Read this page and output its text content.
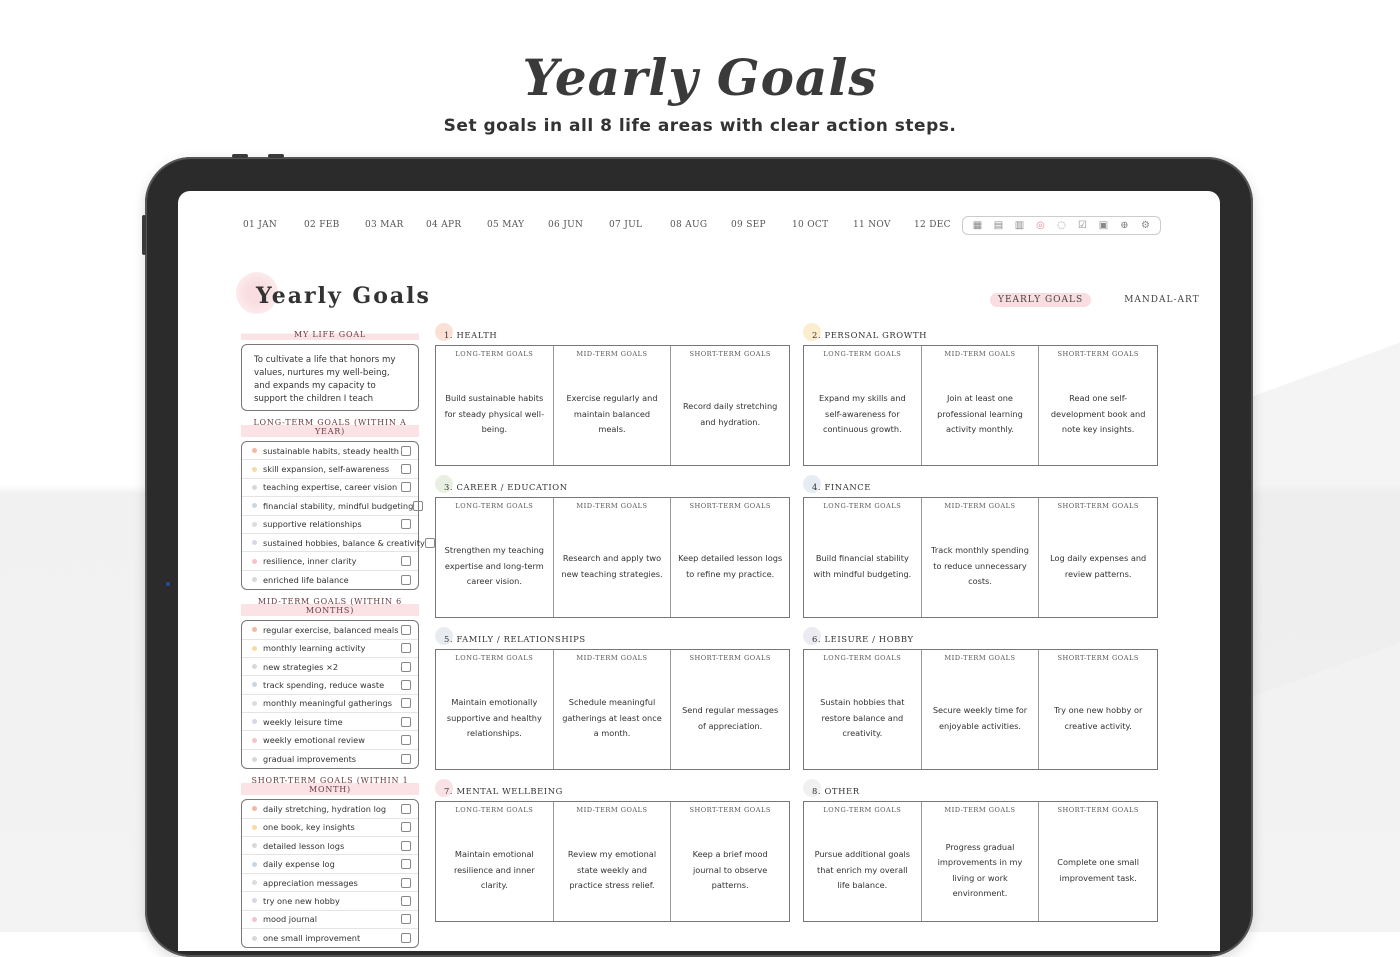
Yearly Goals
Set goals in all 8 life areas with clear action steps.
01 JAN	02 FEB	03 MAR	04 APR	05 MAY	06 JUN	07 JUL	08 AUG	09 SEP	10 OCT	11 NOV	12 DEC	▦ ▤ ▥ ◎ ◌ ☑ ▣ ⊕ ⚙
Yearly Goals	YEARLY GOALS	MANDAL-ART
MY LIFE GOAL
To cultivate a life that honors my values, nurtures my well-being, and expands my capacity to support the children I teach
LONG-TERM GOALS (WITHIN A YEAR)
sustainable habits, steady health
skill expansion, self-awareness
teaching expertise, career vision
financial stability, mindful budgeting
supportive relationships
sustained hobbies, balance & creativity
resilience, inner clarity
enriched life balance
MID-TERM GOALS (WITHIN 6 MONTHS)
regular exercise, balanced meals
monthly learning activity
new strategies ×2
track spending, reduce waste
monthly meaningful gatherings
weekly leisure time
weekly emotional review
gradual improvements
SHORT-TERM GOALS (WITHIN 1 MONTH)
daily stretching, hydration log
one book, key insights
detailed lesson logs
daily expense log
appreciation messages
try one new hobby
mood journal
one small improvement
1. HEALTH
LONG-TERM GOALS
Build sustainable habits for steady physical well-being.
MID-TERM GOALS
Exercise regularly and maintain balanced meals.
SHORT-TERM GOALS
Record daily stretching and hydration.
2. PERSONAL GROWTH
LONG-TERM GOALS
Expand my skills and self-awareness for continuous growth.
MID-TERM GOALS
Join at least one professional learning activity monthly.
SHORT-TERM GOALS
Read one self-development book and note key insights.
3. CAREER / EDUCATION
LONG-TERM GOALS
Strengthen my teaching expertise and long-term career vision.
MID-TERM GOALS
Research and apply two new teaching strategies.
SHORT-TERM GOALS
Keep detailed lesson logs to refine my practice.
4. FINANCE
LONG-TERM GOALS
Build financial stability with mindful budgeting.
MID-TERM GOALS
Track monthly spending to reduce unnecessary costs.
SHORT-TERM GOALS
Log daily expenses and review patterns.
5. FAMILY / RELATIONSHIPS
LONG-TERM GOALS
Maintain emotionally supportive and healthy relationships.
MID-TERM GOALS
Schedule meaningful gatherings at least once a month.
SHORT-TERM GOALS
Send regular messages of appreciation.
6. LEISURE / HOBBY
LONG-TERM GOALS
Sustain hobbies that restore balance and creativity.
MID-TERM GOALS
Secure weekly time for enjoyable activities.
SHORT-TERM GOALS
Try one new hobby or creative activity.
7. MENTAL WELLBEING
LONG-TERM GOALS
Maintain emotional resilience and inner clarity.
MID-TERM GOALS
Review my emotional state weekly and practice stress relief.
SHORT-TERM GOALS
Keep a brief mood journal to observe patterns.
8. OTHER
LONG-TERM GOALS
Pursue additional goals that enrich my overall life balance.
MID-TERM GOALS
Progress gradual improvements in my living or work environment.
SHORT-TERM GOALS
Complete one small improvement task.
